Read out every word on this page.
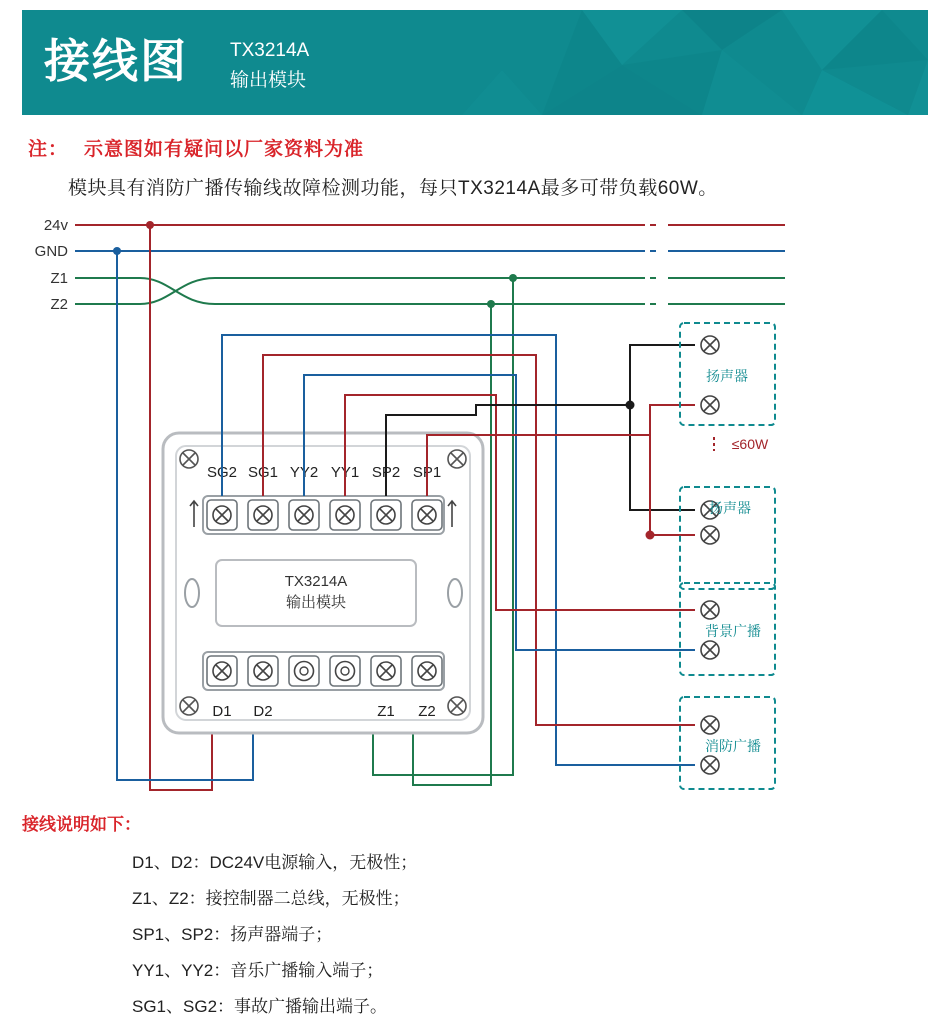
接线图 TX3214A
输出模块
注： 示意图如有疑问以厂家资料为准
模块具有消防广播传输线故障检测功能，每只TX3214A最多可带负载60W。
SG2 SG1 YY2 YY1 SP2 SP1
TX3214A
输出模块
D1 D2	Z1 Z2
扬声器
扬声器
≤60W
背景广播
消防广播
24v
GND
Z1
Z2
接线说明如下：
D1、D2：DC24V电源输入，无极性；
Z1、Z2：接控制器二总线，无极性；
SP1、SP2：扬声器端子；
YY1、YY2：音乐广播输入端子；
SG1、SG2：事故广播输出端子。
